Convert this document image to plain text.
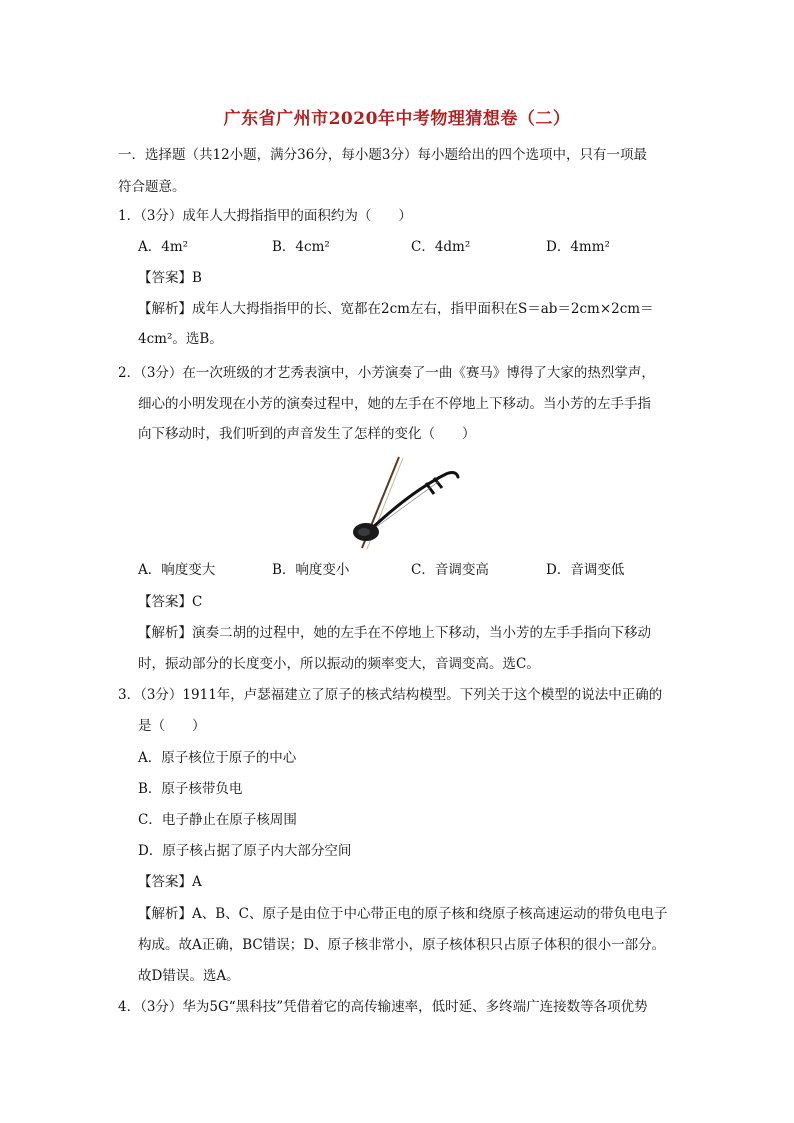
广东省广州市2020年中考物理猜想卷（二）
一．选择题（共12小题，满分36分，每小题3分）每小题给出的四个选项中，只有一项最
符合题意。
1．（3分）成年人大拇指指甲的面积约为（　　）
A．4m²	B．4cm²	C．4dm²	D．4mm²
【答案】B
【解析】成年人大拇指指甲的长、宽都在2cm左右，指甲面积在S＝ab＝2cm×2cm＝
4cm²。选B。
2．（3分）在一次班级的才艺秀表演中，小芳演奏了一曲《赛马》博得了大家的热烈掌声，
细心的小明发现在小芳的演奏过程中，她的左手在不停地上下移动。当小芳的左手手指
向下移动时，我们听到的声音发生了怎样的变化（　　）
A．响度变大	B．响度变小	C．音调变高	D．音调变低
【答案】C
【解析】演奏二胡的过程中，她的左手在不停地上下移动，当小芳的左手手指向下移动
时，振动部分的长度变小，所以振动的频率变大，音调变高。选C。
3．（3分）1911年，卢瑟福建立了原子的核式结构模型。下列关于这个模型的说法中正确的
是（　　）
A．原子核位于原子的中心
B．原子核带负电
C．电子静止在原子核周围
D．原子核占据了原子内大部分空间
【答案】A
【解析】A、B、C、原子是由位于中心带正电的原子核和绕原子核高速运动的带负电电子
构成。故A正确，BC错误；D、原子核非常小，原子核体积只占原子体积的很小一部分。
故D错误。选A。
4．（3分）华为5G“黑科技”凭借着它的高传输速率，低时延、多终端广连接数等各项优势
